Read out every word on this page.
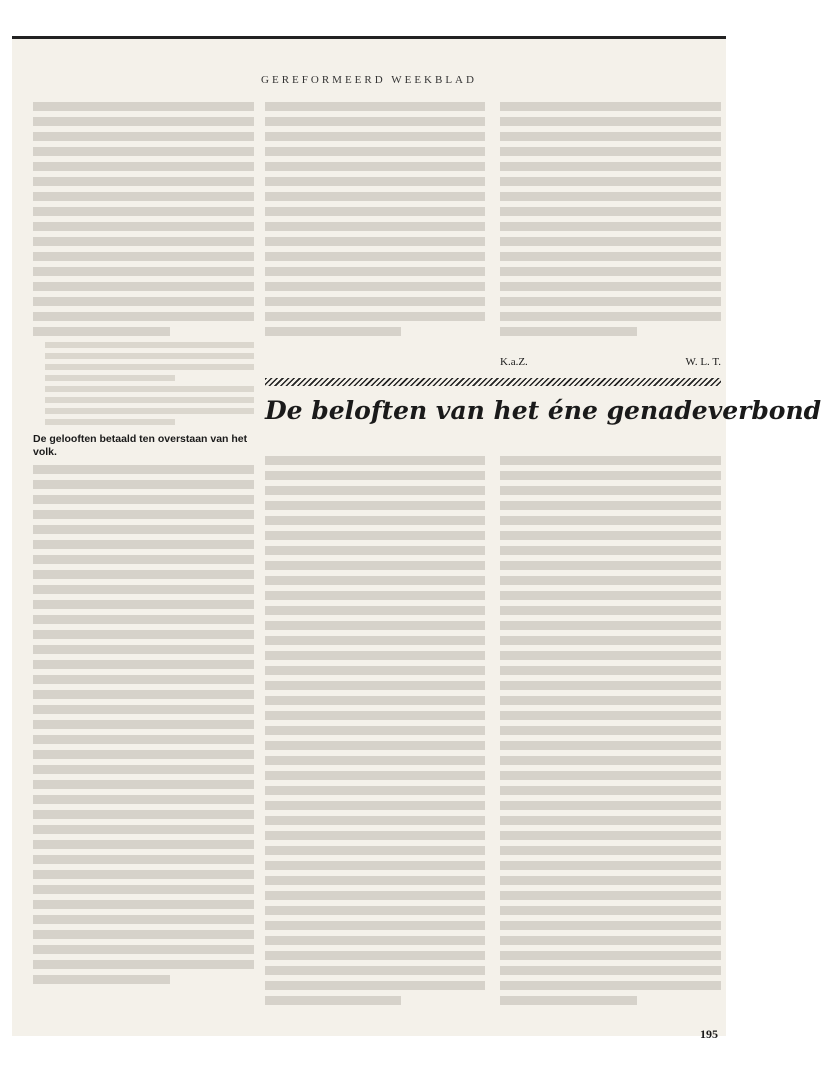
GEREFORMEERD WEEKBLAD
De gelooften betaald ten overstaan van het volk.
K.a.Z.	W. L. T.
De beloften van het éne genadeverbond
195
